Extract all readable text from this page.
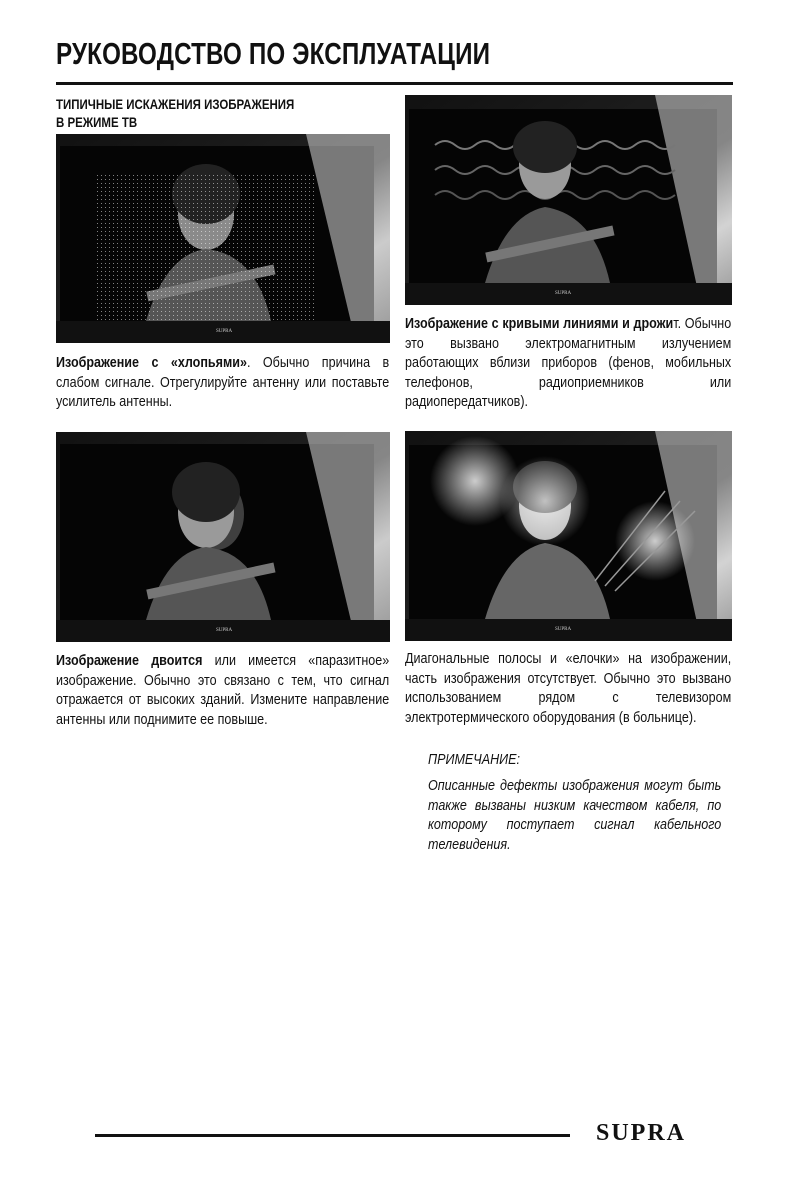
РУКОВОДСТВО ПО ЭКСПЛУАТАЦИИ
ТИПИЧНЫЕ ИСКАЖЕНИЯ ИЗОБРАЖЕНИЯ
В РЕЖИМЕ ТВ
SUPRA
SUPRA

Изображение с «хлопьями». Обычно причина в слабом сигнале. Отрегулируйте антенну или поставьте усилитель антенны.

Изображение с кривыми линиями и дрожит. Обычно это вызвано электромагнитным излучением работающих вблизи приборов (фенов, мобильных телефонов, радиоприемников или радиопередатчиков).

SUPRA	SUPRA

Изображение двоится или имеется «паразитное» изображение. Обычно это связано с тем, что сигнал отражается от высоких зданий. Измените направление антенны или поднимите ее повыше.

Диагональные полосы и «елочки» на изображении, часть изображения отсутствует. Обычно это вызвано использованием рядом с телевизором электротермического оборудования (в больнице).

ПРИМЕЧАНИЕ:

Описанные дефекты изображения могут быть также вызваны низким качеством кабеля, по которому поступает сигнал кабельного телевидения.

SUPRA
